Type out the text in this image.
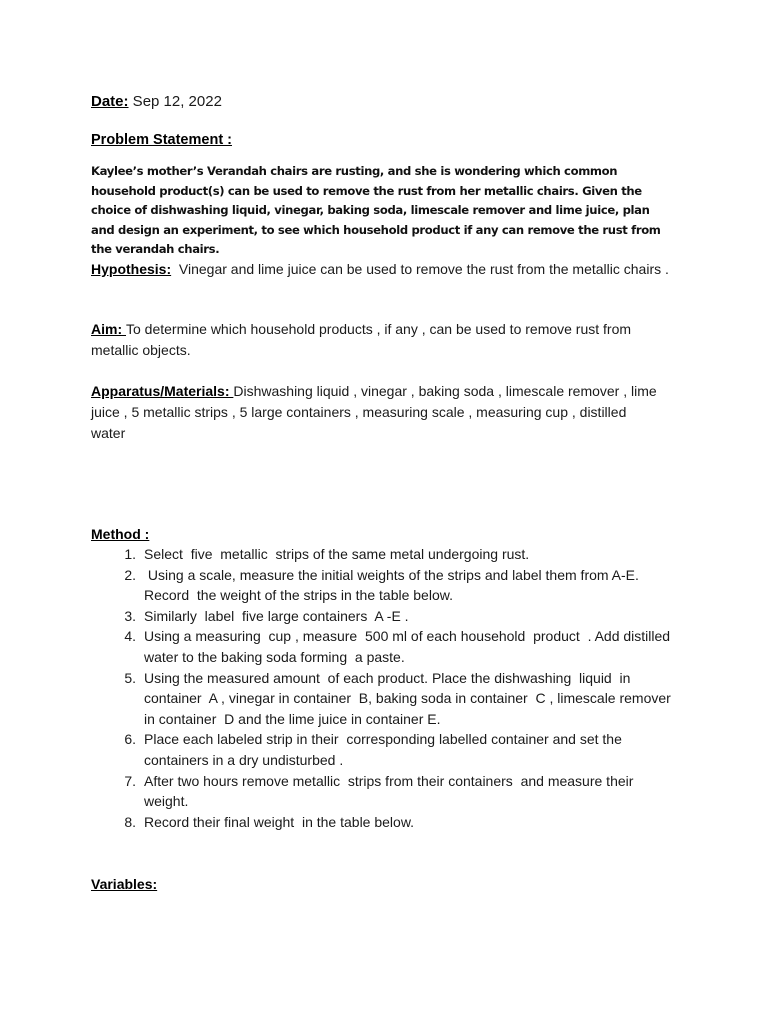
Date: Sep 12, 2022
Problem Statement :
Kaylee’s mother’s Verandah chairs are rusting, and she is wondering which common household product(s) can be used to remove the rust from her metallic chairs. Given the choice of dishwashing liquid, vinegar, baking soda, limescale remover and lime juice, plan and design an experiment, to see which household product if any can remove the rust from the verandah chairs.
Hypothesis:  Vinegar and lime juice can be used to remove the rust from the metallic chairs .
Aim: To determine which household products , if any , can be used to remove rust from metallic objects.
Apparatus/Materials: Dishwashing liquid , vinegar , baking soda , limescale remover , lime juice , 5 metallic strips , 5 large containers , measuring scale , measuring cup , distilled water
Method :
1. Select  five  metallic  strips of the same metal undergoing rust.
2. Using a scale, measure the initial weights of the strips and label them from A-E. Record  the weight of the strips in the table below.
3. Similarly  label  five large containers  A -E .
4. Using a measuring  cup , measure  500 ml of each household  product  . Add distilled  water to the baking soda forming  a paste.
5. Using the measured amount  of each product. Place the dishwashing  liquid  in container  A , vinegar in container  B, baking soda in container  C , limescale remover  in container  D and the lime juice in container E.
6. Place each labeled strip in their  corresponding labelled container and set the containers in a dry undisturbed .
7. After two hours remove metallic  strips from their containers  and measure their weight.
8. Record their final weight  in the table below.
Variables:
